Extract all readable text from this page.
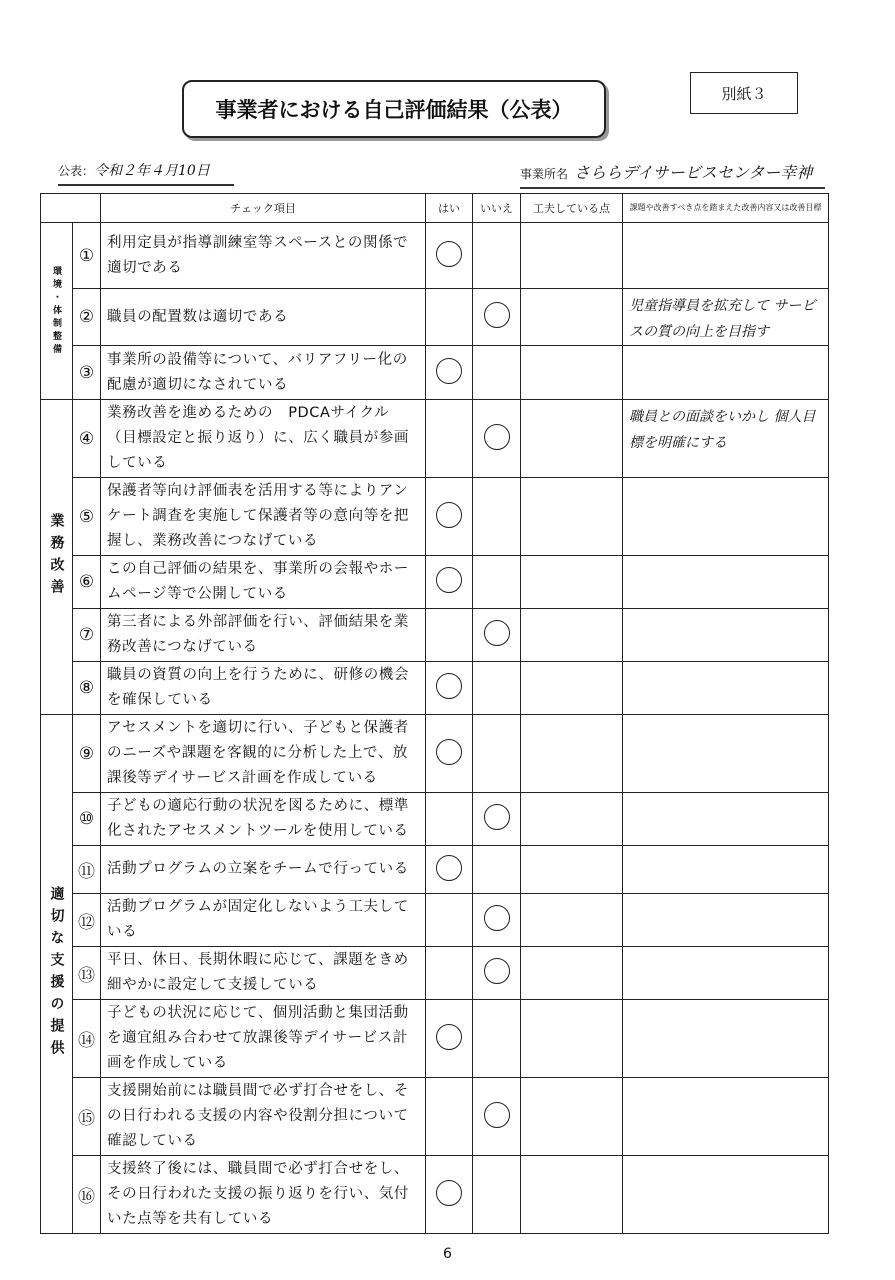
事業者における自己評価結果（公表）
別紙３
公表：令和２年４月10日	事業所名 さららデイサービスセンター幸神
		チェック項目	はい	いいえ	工夫している点	課題や改善すべき点を踏まえた改善内容又は改善目標
環境・体制整備	①	利用定員が指導訓練室等スペースとの関係で適切である				
	②	職員の配置数は適切である				児童指導員を拡充して サービスの質の向上を目指す
	③	事業所の設備等について、バリアフリー化の配慮が適切になされている				
業務改善	④	業務改善を進めるための　PDCAサイクル（目標設定と振り返り）に、広く職員が参画している				職員との面談をいかし 個人目標を明確にする
	⑤	保護者等向け評価表を活用する等によりアンケート調査を実施して保護者等の意向等を把握し、業務改善につなげている				
	⑥	この自己評価の結果を、事業所の会報やホームページ等で公開している				
	⑦	第三者による外部評価を行い、評価結果を業務改善につなげている				
	⑧	職員の資質の向上を行うために、研修の機会を確保している				
適切な支援の提供	⑨	アセスメントを適切に行い、子どもと保護者のニーズや課題を客観的に分析した上で、放課後等デイサービス計画を作成している				
	⑩	子どもの適応行動の状況を図るために、標準化されたアセスメントツールを使用している				
	⑪	活動プログラムの立案をチームで行っている				
	⑫	活動プログラムが固定化しないよう工夫している				
	⑬	平日、休日、長期休暇に応じて、課題をきめ細やかに設定して支援している				
	⑭	子どもの状況に応じて、個別活動と集団活動を適宜組み合わせて放課後等デイサービス計画を作成している				
	⑮	支援開始前には職員間で必ず打合せをし、その日行われる支援の内容や役割分担について確認している				
	⑯	支援終了後には、職員間で必ず打合せをし、その日行われた支援の振り返りを行い、気付いた点等を共有している				
6
